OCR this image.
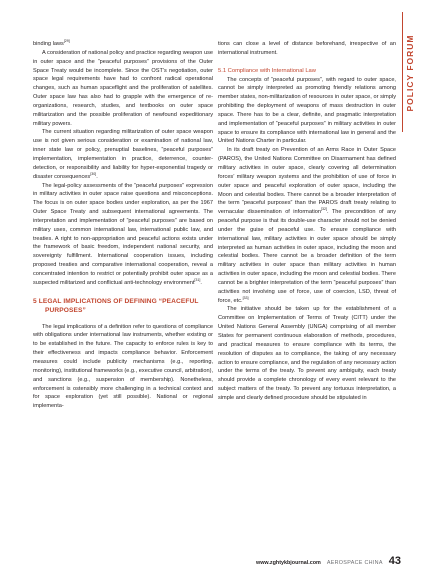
POLICY FORUM

binding laws[29]

A consideration of national policy and practice regarding weapon use in outer space and the “peaceful purposes” provisions of the Outer Space Treaty would be incomplete. Since the OST’s negotiation, outer space legal requirements have had to confront radical operational changes, such as human spaceflight and the proliferation of satellites. Outer space law has also had to grapple with the emergence of re-organizations, research, studies, and textbooks on outer space militarization and the possible proliferation of newfound expeditionary military powers.

The current situation regarding militarization of outer space weapon use is not given serious consideration or examination of national law, inner state law or policy, prenuptial baselines, “peaceful purposes” implementation, implementation in practice, deterrence, counter-detection, or responsibility and liability for hyper-exponential tragedy or disaster consequences[30].

The legal-policy assessments of the “peaceful purposes” expression in military activities in outer space raise questions and misconceptions. The focus is on outer space bodies under exploration, as per the 1967 Outer Space Treaty and subsequent international agreements. The interpretation and implementation of “peaceful purposes” are based on military uses, common international law, international public law, and treaties. A right to non-appropriation and peaceful actions exists under the framework of basic freedom, independent national security, and sovereignty fulfillment. International cooperation issues, including proposed treaties and comparative international cooperation, reveal a concentrated intention to restrict or potentially prohibit outer space as a suspected militarized and conflictual anti-technology environment[31].

5 LEGAL IMPLICATIONS OF DEFINING “PEACEFUL PURPOSES”

The legal implications of a definition refer to questions of compliance with obligations under international law instruments, whether existing or to be established in the future. The capacity to enforce rules is key to their effectiveness and impacts compliance behavior. Enforcement measures could include publicity mechanisms (e.g., reporting, monitoring), institutional frameworks (e.g., executive council, arbitration), and sanctions (e.g., suspension of membership). Nonetheless, enforcement is ostensibly more challenging in a technical context and for space exploration (yet still possible). National or regional implementa-

tions can close a level of distance beforehand, irrespective of an international instrument.

5.1 Compliance with International Law

The concepts of “peaceful purposes”, with regard to outer space, cannot be simply interpreted as promoting friendly relations among member states, non-militarization of resources in outer space, or simply prohibiting the deployment of weapons of mass destruction in outer space. There has to be a clear, definite, and pragmatic interpretation and implementation of “peaceful purposes” in military activities in outer space to ensure its compliance with international law in general and the United Nations Charter in particular.

In its draft treaty on Prevention of an Arms Race in Outer Space (PAROS), the United Nations Committee on Disarmament has defined military activities in outer space, clearly covering all determination forces’ military weapon systems and the prohibition of use of force in outer space and peaceful exploration of outer space, including the Moon and celestial bodies. There cannot be a broader interpretation of the term “peaceful purposes” than the PAROS draft treaty relating to vernacular dissemination of information[32]. The precondition of any peaceful purpose is that its double-use character should not be denied under the guise of peaceful use. To ensure compliance with international law, military activities in outer space should be simply interpreted as human activities in outer space, including the moon and celestial bodies. There cannot be a broader definition of the term military activities in outer space than military activities in human activities in outer space, including the moon and celestial bodies. There cannot be a brighter interpretation of the term “peaceful purposes” than activities not involving use of force, use of coercion, LSD, threat of force, etc.[33]

The initiative should be taken up for the establishment of a Committee on Implementation of Terms of Treaty (CITT) under the United Nations General Assembly (UNGA) comprising of all member States for permanent continuous elaboration of methods, procedures, and practical measures to ensure compliance with its terms, the resolution of disputes as to compliance, the taking of any necessary action to ensure compliance, and the regulation of any necessary action under the terms of the treaty. To prevent any ambiguity, each treaty should provide a complete chronology of every event relevant to the subject matters of the treaty. To prevent any tortuous interpretation, a simple and clearly defined procedure should be stipulated in

www.zghtykbjournal.com AEROSPACE CHINA 43
